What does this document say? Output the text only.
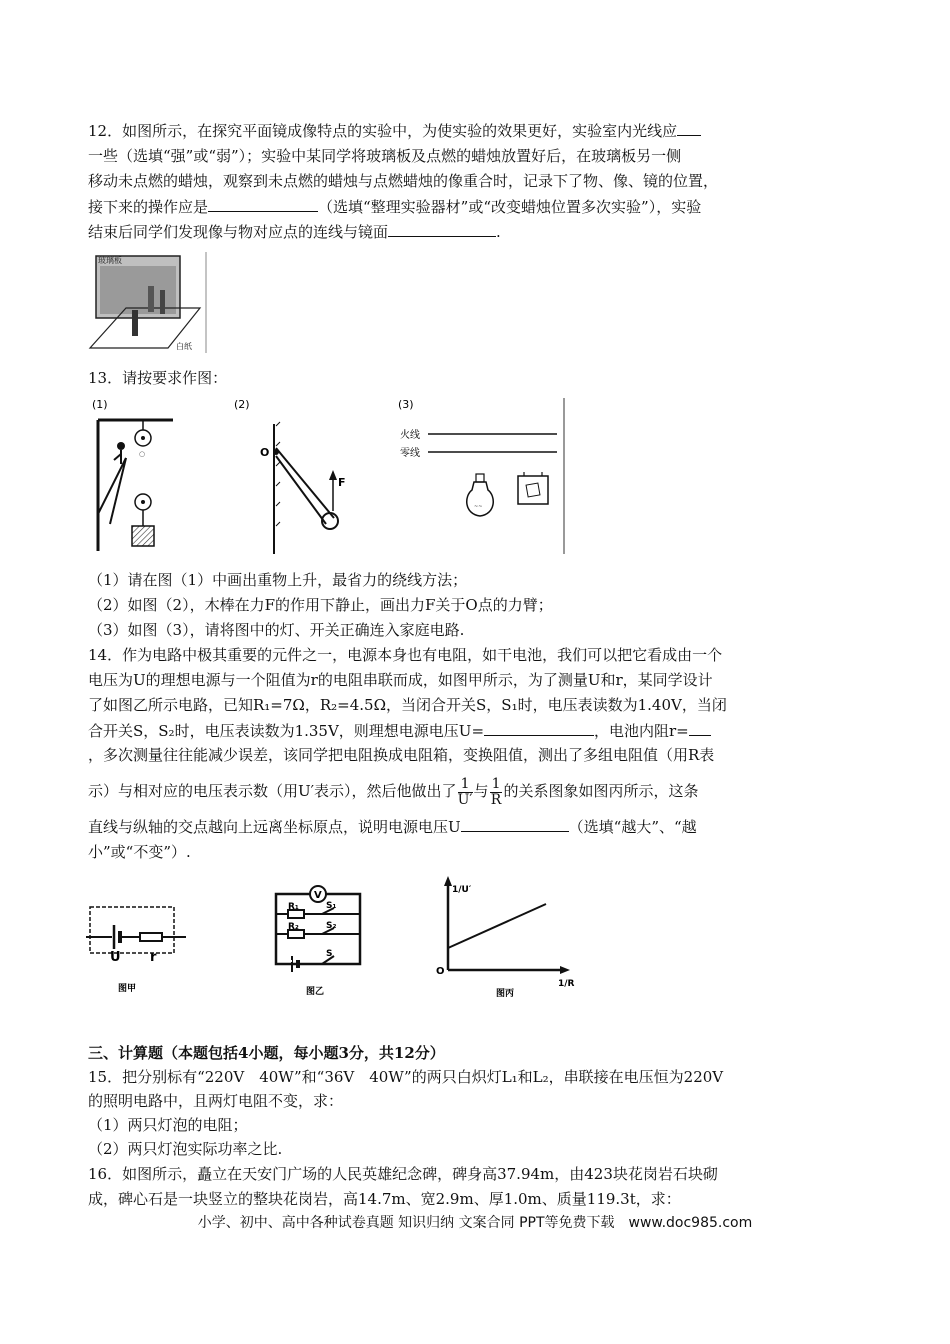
12．如图所示，在探究平面镜成像特点的实验中，为使实验的效果更好，实验室内光线应
一些（选填“强”或“弱”）；实验中某同学将玻璃板及点燃的蜡烛放置好后，在玻璃板另一侧
移动未点燃的蜡烛，观察到未点燃的蜡烛与点燃蜡烛的像重合时，记录下了物、像、镜的位置，
接下来的操作应是	（选填“整理实验器材”或“改变蜡烛位置多次实验”），实验
结束后同学们发现像与物对应点的连线与镜面	.
玻璃板
白纸
13．请按要求作图：
(1)
○
(2)
O
F
(3)
火线
零线
~~
（1）请在图（1）中画出重物上升，最省力的绕线方法；
（2）如图（2），木棒在力F的作用下静止，画出力F关于O点的力臂；
（3）如图（3），请将图中的灯、开关正确连入家庭电路.
14．作为电路中极其重要的元件之一，电源本身也有电阻，如干电池，我们可以把它看成由一个
电压为U的理想电源与一个阻值为r的电阻串联而成，如图甲所示，为了测量U和r，某同学设计
了如图乙所示电路，已知R₁=7Ω，R₂=4.5Ω，当闭合开关S，S₁时，电压表读数为1.40V，当闭
合开关S，S₂时，电压表读数为1.35V，则理想电源电压U=	，电池内阻r=
，多次测量往往能减少误差，该同学把电阻换成电阻箱，变换阻值，测出了多组电阻值（用R表
示）与相对应的电压表示数（用U′表示），然后他做出了 $\frac{1}{U'}$ 与 $\frac{1}{R}$ 的关系图象如图丙所示，这条
直线与纵轴的交点越向上远离坐标原点，说明电源电压U	（选填“越大”、“越
小”或“不变”）.
U r
图甲
V
R₁	S₁
R₂	S₂
S
图乙
1/U′
1/R
O
图丙
三、计算题（本题包括4小题，每小题3分，共12分）
15．把分别标有“220V　40W”和“36V　40W”的两只白炽灯L₁和L₂，串联接在电压恒为220V
的照明电路中，且两灯电阻不变，求：
（1）两只灯泡的电阻；
（2）两只灯泡实际功率之比.
16．如图所示，矗立在天安门广场的人民英雄纪念碑，碑身高37.94m，由423块花岗岩石块砌
成，碑心石是一块竖立的整块花岗岩，高14.7m、宽2.9m、厚1.0m、质量119.3t，求：
小学、初中、高中各种试卷真题 知识归纳 文案合同 PPT等免费下载　www.doc985.com
